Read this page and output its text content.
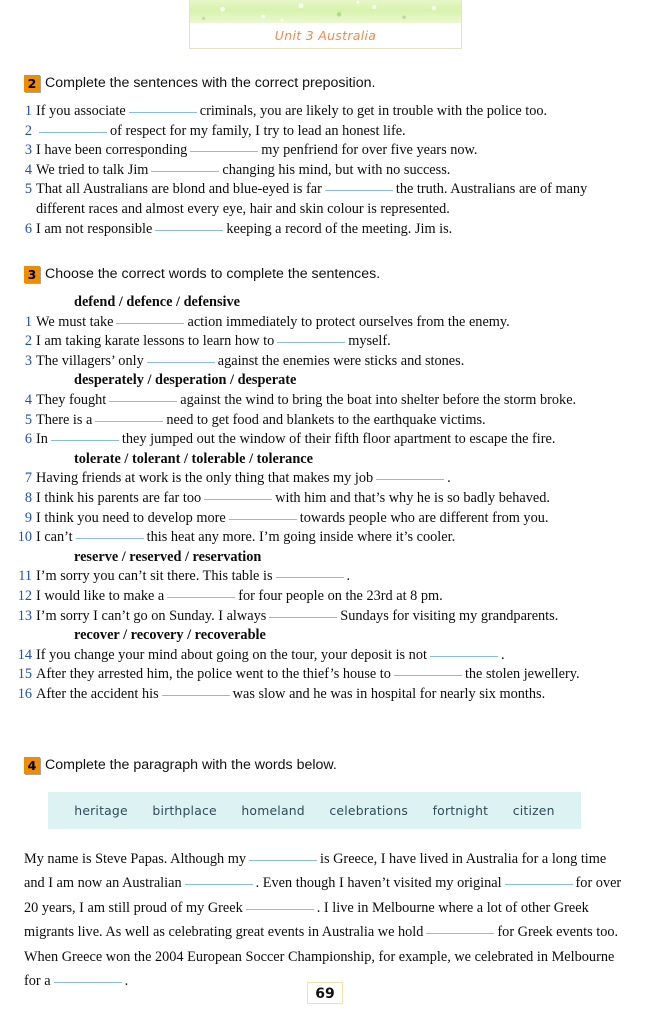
Unit 3 Australia
2 Complete the sentences with the correct preposition.
1 If you associate	criminals, you are likely to get in trouble with the police too.
2	of respect for my family, I try to lead an honest life.
3 I have been corresponding	my penfriend for over five years now.
4 We tried to talk Jim	changing his mind, but with no success.
5 That all Australians are blond and blue-eyed is far	the truth. Australians are of many different races and almost every eye, hair and skin colour is represented.
6 I am not responsible	keeping a record of the meeting. Jim is.
3 Choose the correct words to complete the sentences.
defend / defence / defensive
1 We must take	action immediately to protect ourselves from the enemy.
2 I am taking karate lessons to learn how to	myself.
3 The villagers’ only	against the enemies were sticks and stones.
desperately / desperation / desperate
4 They fought	against the wind to bring the boat into shelter before the storm broke.
5 There is a	need to get food and blankets to the earthquake victims.
6 In	they jumped out the window of their fifth floor apartment to escape the fire.
tolerate / tolerant / tolerable / tolerance
7 Having friends at work is the only thing that makes my job	.
8 I think his parents are far too	with him and that’s why he is so badly behaved.
9 I think you need to develop more	towards people who are different from you.
10 I can’t	this heat any more. I’m going inside where it’s cooler.
reserve / reserved / reservation
11 I’m sorry you can’t sit there. This table is	.
12 I would like to make a	for four people on the 23rd at 8 pm.
13 I’m sorry I can’t go on Sunday. I always	Sundays for visiting my grandparents.
recover / recovery / recoverable
14 If you change your mind about going on the tour, your deposit is not	.
15 After they arrested him, the police went to the thief’s house to	the stolen jewellery.
16 After the accident his	was slow and he was in hospital for nearly six months.
4 Complete the paragraph with the words below.
heritage birthplace homeland celebrations fortnight citizen
My name is Steve Papas. Although my	is Greece, I have lived in Australia for a long time and I am now an Australian	. Even though I haven’t visited my original	for over 20 years, I am still proud of my Greek	. I live in Melbourne where a lot of other Greek migrants live. As well as celebrating great events in Australia we hold	for Greek events too. When Greece won the 2004 European Soccer Championship, for example, we celebrated in Melbourne for a	.
69
